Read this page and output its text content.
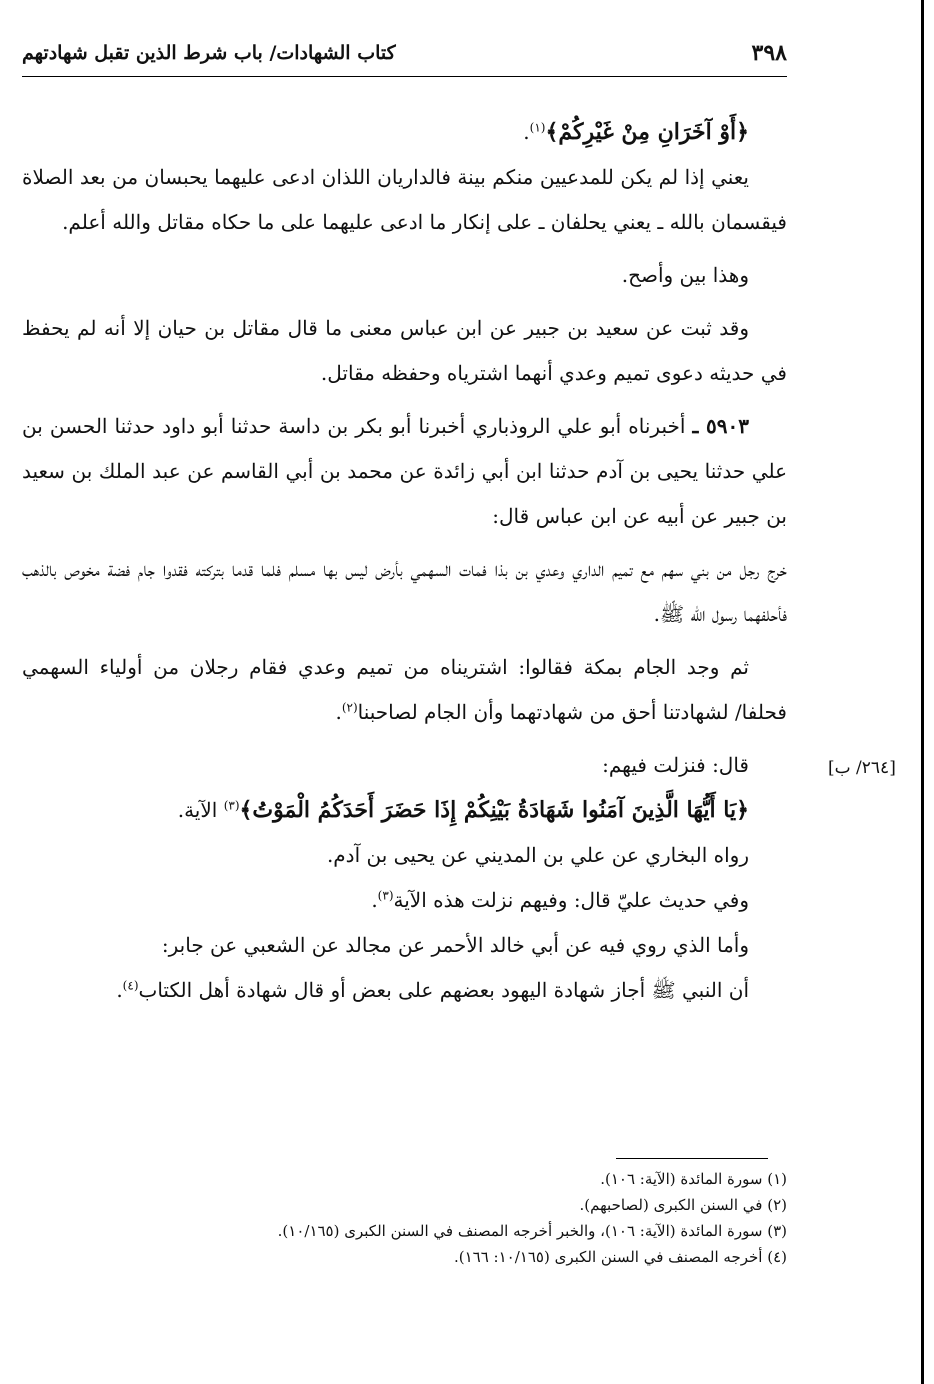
٣٩٨
كتاب الشهادات/ باب شرط الذين تقبل شهادتهم

﴿أَوْ آخَرَانِ مِنْ غَيْرِكُمْ﴾$^{(١)}$.

يعني إذا لم يكن للمدعيين منكم بينة فالداريان اللذان ادعى عليهما يحبسان من بعد الصلاة فيقسمان بالله ـ يعني يحلفان ـ على إنكار ما ادعى عليهما على ما حكاه مقاتل والله أعلم.

وهذا بين وأصح.

وقد ثبت عن سعيد بن جبير عن ابن عباس معنى ما قال مقاتل بن حيان إلا أنه لم يحفظ في حديثه دعوى تميم وعدي أنهما اشترياه وحفظه مقاتل.

٥٩٠٣ ـ أخبرناه أبو علي الروذباري أخبرنا أبو بكر بن داسة حدثنا أبو داود حدثنا الحسن بن علي حدثنا يحيى بن آدم حدثنا ابن أبي زائدة عن محمد بن أبي القاسم عن عبد الملك بن سعيد بن جبير عن أبيه عن ابن عباس قال:

خرج رجل من بني سهم مع تميم الداري وعدي بن بذا فمات السهمي بأرض ليس بها مسلم فلما قدما بتركته فقدوا جام فضة مخوص بالذهب فأحلفهما رسول الله ﷺ.

ثم وجد الجام بمكة فقالوا: اشتريناه من تميم وعدي فقام رجلان من أولياء السهمي فحلفا/ لشهادتنا أحق من شهادتهما وأن الجام لصاحبنا$^{(٢)}$.

قال: فنزلت فيهم:

﴿يَا أَيُّهَا الَّذِينَ آمَنُوا شَهَادَةُ بَيْنِكُمْ إِذَا حَضَرَ أَحَدَكُمُ الْمَوْتُ﴾$^{(٣)}$ الآية.

رواه البخاري عن علي بن المديني عن يحيى بن آدم.

وفي حديث عليّ قال: وفيهم نزلت هذه الآية$^{(٣)}$.

وأما الذي روي فيه عن أبي خالد الأحمر عن مجالد عن الشعبي عن جابر:

أن النبي ﷺ أجاز شهادة اليهود بعضهم على بعض أو قال شهادة أهل الكتاب$^{(٤)}$.

[٢٦٤/ ب]

(١) سورة المائدة (الآية: ١٠٦).

(٢) في السنن الكبرى (لصاحبهم).

(٣) سورة المائدة (الآية: ١٠٦)، والخبر أخرجه المصنف في السنن الكبرى (١٠/١٦٥).

(٤) أخرجه المصنف في السنن الكبرى (١٠/١٦٥: ١٦٦).
